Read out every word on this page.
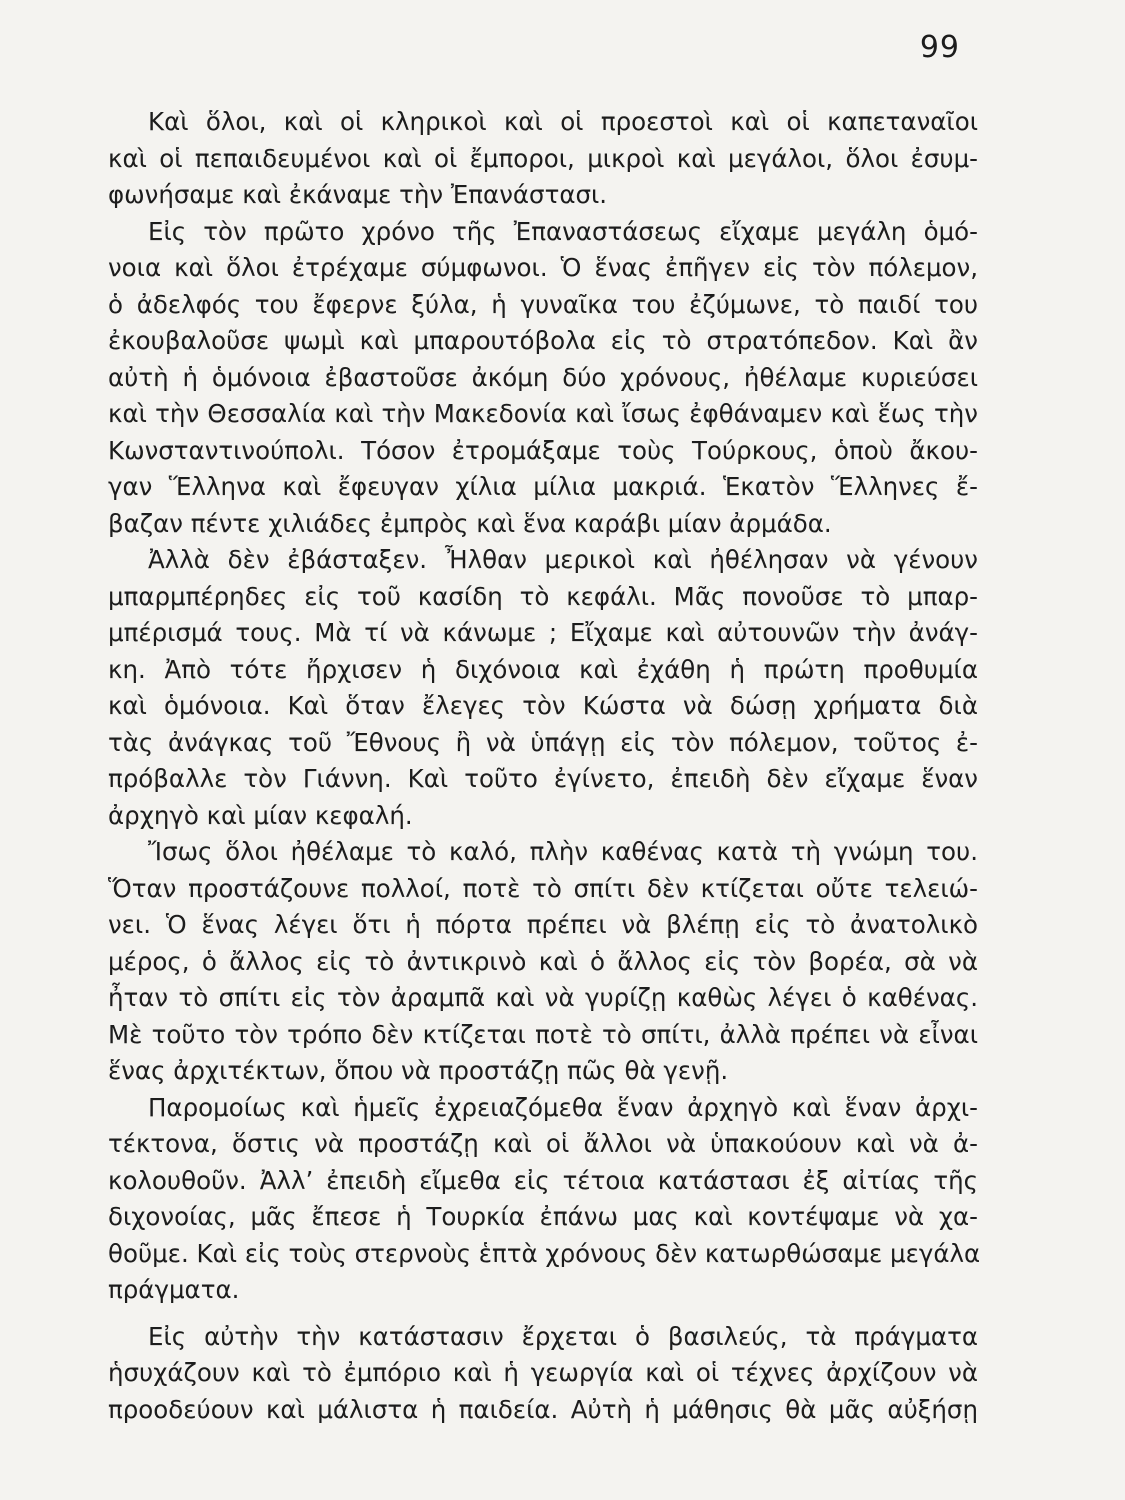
99

Καὶ ὅλοι, καὶ οἱ κληρικοὶ καὶ οἱ προεστοὶ καὶ οἱ καπεταναῖοι
καὶ οἱ πεπαιδευμένοι καὶ οἱ ἔμποροι, μικροὶ καὶ μεγάλοι, ὅλοι ἐσυμ-
φωνήσαμε καὶ ἐκάναμε τὴν Ἐπανάστασι.

Εἰς τὸν πρῶτο χρόνο τῆς Ἐπαναστάσεως εἴχαμε μεγάλη ὁμό-
νοια καὶ ὅλοι ἐτρέχαμε σύμφωνοι. Ὁ ἕνας ἐπῆγεν εἰς τὸν πόλεμον,
ὁ ἀδελφός του ἔφερνε ξύλα, ἡ γυναῖκα του ἐζύμωνε, τὸ παιδί του
ἐκουβαλοῦσε ψωμὶ καὶ μπαρουτόβολα εἰς τὸ στρατόπεδον. Καὶ ἂν
αὐτὴ ἡ ὁμόνοια ἐβαστοῦσε ἀκόμη δύο χρόνους, ἠθέλαμε κυριεύσει
καὶ τὴν Θεσσαλία καὶ τὴν Μακεδονία καὶ ἴσως ἐφθάναμεν καὶ ἕως τὴν
Κωνσταντινούπολι. Τόσον ἐτρομάξαμε τοὺς Τούρκους, ὁποὺ ἄκου-
γαν Ἕλληνα καὶ ἔφευγαν χίλια μίλια μακριά. Ἑκατὸν Ἕλληνες ἔ-
βαζαν πέντε χιλιάδες ἐμπρὸς καὶ ἕνα καράβι μίαν ἀρμάδα.

Ἀλλὰ δὲν ἐβάσταξεν. Ἦλθαν μερικοὶ καὶ ἠθέλησαν νὰ γένουν
μπαρμπέρηδες εἰς τοῦ κασίδη τὸ κεφάλι. Μᾶς πονοῦσε τὸ μπαρ-
μπέρισμά τους. Μὰ τί νὰ κάνωμε ; Εἴχαμε καὶ αὐτουνῶν τὴν ἀνάγ-
κη. Ἀπὸ τότε ἤρχισεν ἡ διχόνοια καὶ ἐχάθη ἡ πρώτη προθυμία
καὶ ὁμόνοια. Καὶ ὅταν ἔλεγες τὸν Κώστα νὰ δώσῃ χρήματα διὰ
τὰς ἀνάγκας τοῦ Ἔθνους ἢ νὰ ὑπάγῃ εἰς τὸν πόλεμον, τοῦτος ἐ-
πρόβαλλε τὸν Γιάννη. Καὶ τοῦτο ἐγίνετο, ἐπειδὴ δὲν εἴχαμε ἕναν
ἀρχηγὸ καὶ μίαν κεφαλή.

Ἴσως ὅλοι ἠθέλαμε τὸ καλό, πλὴν καθένας κατὰ τὴ γνώμη του.
Ὅταν προστάζουνε πολλοί, ποτὲ τὸ σπίτι δὲν κτίζεται οὔτε τελειώ-
νει. Ὁ ἕνας λέγει ὅτι ἡ πόρτα πρέπει νὰ βλέπῃ εἰς τὸ ἀνατολικὸ
μέρος, ὁ ἄλλος εἰς τὸ ἀντικρινὸ καὶ ὁ ἄλλος εἰς τὸν βορέα, σὰ νὰ
ἦταν τὸ σπίτι εἰς τὸν ἀραμπᾶ καὶ νὰ γυρίζῃ καθὼς λέγει ὁ καθένας.
Μὲ τοῦτο τὸν τρόπο δὲν κτίζεται ποτὲ τὸ σπίτι, ἀλλὰ πρέπει νὰ εἶναι
ἕνας ἀρχιτέκτων, ὅπου νὰ προστάζῃ πῶς θὰ γενῇ.

Παρομοίως καὶ ἡμεῖς ἐχρειαζόμεθα ἕναν ἀρχηγὸ καὶ ἕναν ἀρχι-
τέκτονα, ὅστις νὰ προστάζῃ καὶ οἱ ἄλλοι νὰ ὑπακούουν καὶ νὰ ἀ-
κολουθοῦν. Ἀλλ’ ἐπειδὴ εἴμεθα εἰς τέτοια κατάστασι ἐξ αἰτίας τῆς
διχονοίας, μᾶς ἔπεσε ἡ Τουρκία ἐπάνω μας καὶ κοντέψαμε νὰ χα-
θοῦμε. Καὶ εἰς τοὺς στερνοὺς ἑπτὰ χρόνους δὲν κατωρθώσαμε μεγάλα
πράγματα.

Εἰς αὐτὴν τὴν κατάστασιν ἔρχεται ὁ βασιλεύς, τὰ πράγματα
ἡσυχάζουν καὶ τὸ ἐμπόριο καὶ ἡ γεωργία καὶ οἱ τέχνες ἀρχίζουν νὰ
προοδεύουν καὶ μάλιστα ἡ παιδεία. Αὐτὴ ἡ μάθησις θὰ μᾶς αὐξήσῃ
